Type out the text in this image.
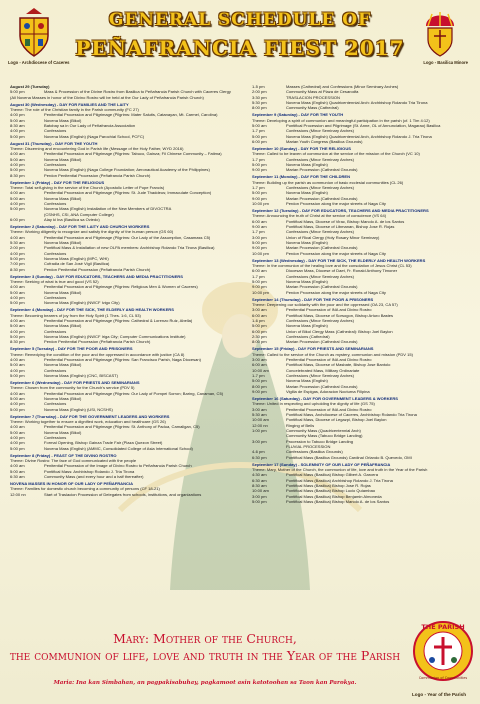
Logo - Archdiocese of Caceres
GENERAL SCHEDULE OF
PEÑAFRANCIA FIEST 2017
Logo - Basilica Minore
August 29 (Tuesday)
5:00 pm	Mass & Procession of the Divine Rostro from Basilica to Peñafrancia Parish Church with Caceres Clergy
(All Novena Masses in honor of the Divino Rostro will be held at the Our Lady of Peñafrancia Parish Church)
August 30 (Wednesday) - DAY FOR FAMILIES AND THE LAITY
Theme: The role of the Christian family in the Parish community (FC 27)
4:00 pm	Penitential Procession and Pilgrimage (Pilgrims: Mater Salutis, Catanayan, Mt. Carmel, Carolina)
5:00 am	Novena Mass (Bikol)
8:30 am	Batobay sa in Our Lady of Peñafrancia Association
4:00 pm	Confessions
5:00 pm	Novena Mass (English) (Naga Parochial School, PCFC)
August 31 (Thursday) - DAY FOR THE YOUTH
Theme: Discerning and encountering God in Parish life (Message of the Holy Father, WYD 2016)
4:00 am	Penitential Procession and Pilgrimage (Pilgrims: Tabuco, Gainza; Fil Chinese Community – Fatima)
5:00 am	Novena Mass (Bikol)
4:00 pm	Confessions
5:00 pm	Novena Mass (English) (Naga College Foundation; Aeronautical Academy of the Philippines)
8:30 pm	Perdon Penitential Procession (Peñafrancia Parish Church)
September 1 (Friday) - DAY FOR THE RELIGIOUS
Theme: Total self-giving in the service of the Church (Apostolic Letter of Pope Francis)
4:00 am	Penitential Procession and Pilgrimage (Pilgrims: St. Jude Thaddeus; Immaculate Conception)
5:00 am	Novena Mass (Bikol)
4:00 pm	Confessions
5:00 pm	Novena Mass (English) Installation of the New Members of DIVOCTRA
(CSNHS, CSI, ANA Computer College)
6:00 pm	Alay ki Ina (Basilica sa Oviedo)
September 2 (Saturday) - DAY FOR THE LAITY AND CHURCH WORKERS
Theme: Working diligently to recognize and satisfy the dignity of the human person (GS 60)
4:00 am	Penitential Procession and Pilgrimage (Pilgrims: Our Lady of the Assumption, Casamass C5)
5:30 am	Novena Mass (Bikol)
2:00 pm	Pontifical Mass & Installation of new OLPA members: Archbishop Rolando Tria Tirona (Basilica)
4:00 pm	Confessions
5:00 pm	Novena Mass (English) (MPC, WHI)
7:00 pm	Cofradia de San José Vigil (Basilica)
8:30 pm	Perdon Penitential Procession (Peñafrancia Parish Church)
September 3 (Sunday) - DAY FOR EDUCATORS, TEACHERS AND MEDIA PRACTITIONERS
Theme: Seeking of what is true and good (VS 52)
4:00 am	Penitential Procession and Pilgrimage (Pilgrims: Religious Men & Women of Caceres)
5:00 am	Novena Mass (Bikol)
4:00 pm	Confessions
5:00 pm	Novena Mass (English) (NWCF Ivigo City)
September 4 (Monday) - DAY FOR THE SICK, THE ELDERLY AND HEALTH WORKERS
Theme: Becoming bearers of joy from the Holy Spirit (1 Thes. 1:6, CL 53)
4:00 am	Penitential Procession and Pilgrimage (Pilgrims: Cathedral & Lorenzo Ruiz, Abella)
5:00 am	Novena Mass (Bikol)
4:00 pm	Confessions
5:00 pm	Novena Mass (English) (NWCF Iriga City; Computer Communications Institute)
8:30 pm	Perdon Penitential Procession (Peñafrancia Parish Church)
September 5 (Tuesday) - DAY FOR THE POOR AND PRISONERS
Theme: Remedying the condition of the poor and the oppressed in accordance with justice (CA 8)
4:00 am	Penitential Procession and Pilgrimage (Pilgrims: San Francisco Parish, Naga Diocesan)
5:00 am	Novena Mass (Bikol)
4:00 pm	Confessions
5:00 pm	Novena Mass (English) (CNC, BISCAST)
September 6 (Wednesday) - DAY FOR PRIESTS AND SEMINARIANS
Theme: Chosen from the community for the Church's service (PDV 5)
4:00 am	Penitential Procession and Pilgrimage (Pilgrims: Our Lady of Pompei Sorron; Baring, Canaman, C5)
5:00 am	Novena Mass (Bikol)
4:00 pm	Confessions
5:00 pm	Novena Mass (English) (USI, NCSHS)
September 7 (Thursday) - DAY FOR THE GOVERNMENT LEADERS AND WORKERS
Theme: Working together to ensure a dignified work, education and healthcare (GS 26)
4:00 am	Penitential Procession and Pilgrimage (Pilgrims: St. Anthony of Padua, Camaligan, C5)
5:00 am	Novena Mass (Bikol)
4:00 pm	Confessions
4:00 pm	Formal Opening, Bishop Gainza Trade Fair (Plaza Quezon Street)
5:00 pm	Novena Mass (English) (AMMC, Consolidated College of Asia International School)
September 8 (Friday) - FEAST OF THE DIVINO ROSTRO
Theme: Divine Rostro: The face of God communicated with the people
4:00 am	Penitential Procession of the Image of Divino Rostro to Peñafrancia Parish Church
5:00 am	Pontifical Mass: Archbishop Rolando J. Tria Tirona
6:30 am	Community Mass (and every hour and a half thereafter)
NOVENA MASSES IN HONOR OF OUR LADY OF PEÑAFRANCIA
Theme: Families for domestic church becoming a community of persons (CF 18-21)
12:00 nn	Start of Traslacion Procession of Delegates from schools, institutions, and organizations
1-5 pm	Masses (Cathedral) and Confessions (Minor Seminary Arches)
2:00 pm	Community Mass at Plaza de Cesarodfa
3:30 pm	TRASLACION PROCESSION
5:30 pm	Novena Mass (English) Quadricentennial Arch: Archbishop Rolando Tria Tirona
8:00 pm	Community Mass (Cathedral)
September 9 (Saturday) - DAY FOR THE YOUTH
Theme: Developing a spirit of communion and meaningful participation in the parish (cf. 1 Tim 4:12)
5:00 am	Pontifical Procession and Pilgrimage (St. Anne, OL of Annunciation, Magarao) Basilica
1-7 pm	Confessions (Minor Seminary Arches)
5:00 pm	Novena Mass (English) Quadricentennial Arch, Archbishop Rolando J. Tria Tirona
6:00 pm	Marian Youth Congress (Basilica Grounds)
September 10 (Sunday) - DAY FOR THE RELIGIOUS
Theme: Called to be leaven of communion at the service of the mission of the Church (VC 10)
1-7 pm	Confessions (Minor Seminary Arches)
5:00 pm	Novena Mass (English)
9:00 pm	Marian Procession (Cathedral Grounds)
September 11 (Monday) - DAY FOR THE CHILDREN
Theme: Building up the parish as communion of basic ecclesial communities (CL 26)
1-7 pm	Confessions (Minor Seminary Arches)
5:00 pm	Novena Mass (English)
9:00 pm	Marian Procession (Cathedral Grounds)
10:00 pm	Perdon Procession along the major streets of Naga City
September 12 (Tuesday) - DAY FOR EDUCATORS, TEACHERS AND MEDIA PRACTITIONERS
Theme: Announcing the truth of Christ at the service of conscience (VS 64)
6:00 am	Pontifical Mass, Diocese of Virac, Bishop Manolo A. de los Santos
9:00 am	Pontifical Mass, Diocese of Libmanan, Bishop Jose R. Rojas
1-7 pm	Confessions (Minor Seminary Arches)
3:00 pm	Union of Rical Clergy (Holy Rosary Minor Seminary)
5:00 pm	Novena Mass (English)
9:00 pm	Marian Procession (Cathedral Grounds)
10:00 pm	Perdon Procession along the major streets of Naga City
September 13 (Wednesday) - DAY FOR THE SICK, THE ELDERLY AND HEALTH WORKERS
Theme: In the communion of the healing love and the consolation of Jesus Christ (CL 53)
6:00 am	Diocesan Mass, Diocese of Daet, Fr. Ronald Anthony Timoner
1-7 pm	Confessions (Minor Seminary Arches)
5:00 pm	Novena Mass (English)
9:00 pm	Marian Procession (Cathedral Grounds)
10:00 pm	Perdon Procession along the major streets of Naga City
September 14 (Thursday) - DAY FOR THE POOR & PRISONERS
Theme: Deepening our solidarity with the poor and the oppressed (OA 23, CA 57)
3:00 am	Penitential Procession of INA and Divino Rostro
6:00 am	Pontifical Mass, Diocese of Sorsogon, Bishop Arturo Bastes
1-6 pm	Confessions (Minor Seminary Arches)
5:00 pm	Novena Mass (English)
6:00 pm	Union of Bikol Clergy Mass (Cathedral): Bishop Joel Baylon
2:30 pm	Confessions (Cathedral)
8:00 pm	Marian Procession (Cathedral Grounds)
September 15 (Friday) - DAY FOR PRIESTS AND SEMINARIANS
Theme: Called to the service of the Church as mystery, communion and mission (PDV 15)
3:00 am	Penitential Procession of INA and Divino Rostro
6:00 am	Pontifical Mass, Diocese of Masbate, Bishop Jose Bantolo
10:00 am	Concelebrated Mass, Military Ordinariate
1-7 pm	Confessions (Minor Seminary Arches)
5:00 pm	Novena Mass (English)
8:00 pm	Marian Procession (Cathedral Grounds)
9:00 pm	Vigilia de Espigas, Adoracion Nocturna Filipina
September 16 (Saturday) - DAY FOR GOVERNMENT LEADERS & WORKERS
Theme: United in respecting and upholding the dignity of life (GS 75)
3:00 am	Penitential Procession of INA and Divino Rostro
5:30 am	Pontifical Mass, Archdiocese of Caceres, Archbishop Rolando Tria Tirona
10:00 am	Pontifical Mass, Diocese of Legazpi, Bishop Joel Baylon
12:00 nn	Ringing of Bells
1:00 pm	Community Mass (Quadricentennial Arch)
Community Mass (Tabuco Bridge Landing)
3:00 pm	Procession to Tabuco Bridge Landing
FLUVIAL PROCESSION
4-6 pm	Confessions (Basilica Grounds)
6:30 pm	Pontifical Mass (Basilica Grounds) Cardinal Orlando B. Quevedo, OMI
September 17 (Sunday) - SOLEMNITY OF OUR LADY OF PEÑAFRANCIA
Theme: Mary, Mother of the Church, the communion of life, love and truth in the Year of the Parish
4:30 am	Pontifical Mass (Basilica) Bishop Gilbert A. Garcera
6:30 am	Pontifical Mass (Basilica) Archbishop Rolando J. Tria Tirona
8:30 am	Pontifical Mass (Basilica) Bishop Jose R. Rojas
10:00 am	Pontifical Mass (Basilica) Bishop Lucio Quiambao
3:00 pm	Pontifical Mass (Basilica) Bishop Benjamin Almoneda
5:00 pm	Pontifical Mass (Basilica) Bishop Manolo A. de los Santos
Mary: Mother of the Church,
the communion of life, love and truth in the Year of the Parish
Maria: Ina kan Simbahan, an pagpakisabuhay, pagkamoot asin katotoohan sa Taon kan Parokya.
THE PARISH
Communion of Communities
Logo - Year of the Parish
